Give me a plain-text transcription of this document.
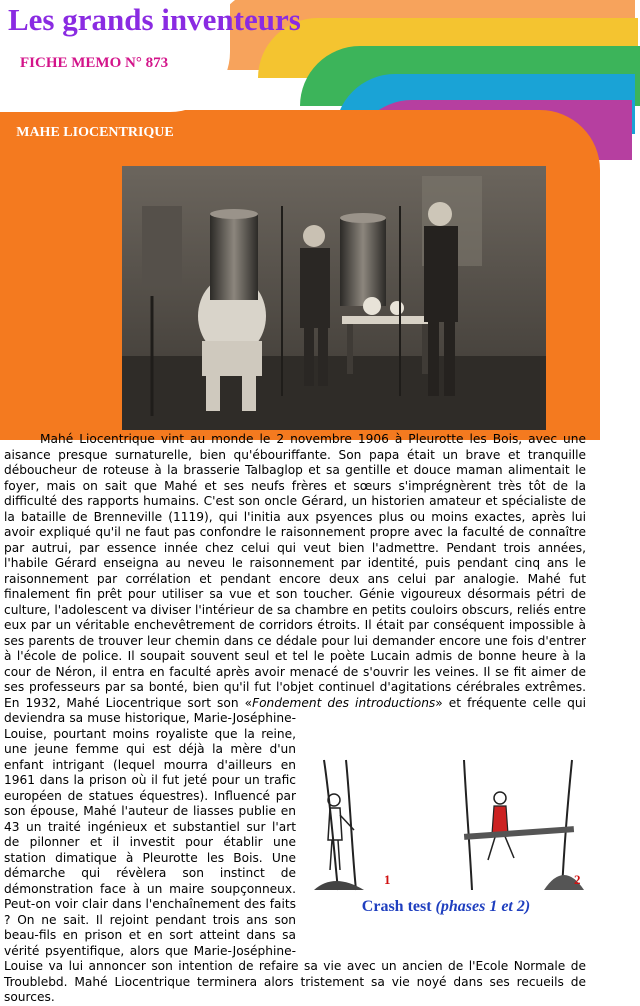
Les grands inventeurs
FICHE MEMO N° 873
MAHE LIOCENTRIQUE

Mahé Liocentrique vint au monde le 2 novembre 1906 à Pleurotte les Bois, avec une aisance presque surnaturelle, bien qu'ébouriffante. Son papa était un brave et tranquille déboucheur de roteuse à la brasserie Talbaglop et sa gentille et douce maman alimentait le foyer, mais on sait que Mahé et ses neufs frères et sœurs s'imprégnèrent très tôt de la difficulté des rapports humains. C'est son oncle Gérard, un historien amateur et spécialiste de la bataille de Brenneville (1119), qui l'initia aux psyences plus ou moins exactes, après lui avoir expliqué qu'il ne faut pas confondre le raisonnement propre avec la faculté de connaître par autrui, par essence innée chez celui qui veut bien l'admettre. Pendant trois années, l'habile Gérard enseigna au neveu le raisonnement par identité, puis pendant cinq ans le raisonnement par corrélation et pendant encore deux ans celui par analogie. Mahé fut finalement fin prêt pour utiliser sa vue et son toucher. Génie vigoureux désormais pétri de culture, l'adolescent va diviser l'intérieur de sa chambre en petits couloirs obscurs, reliés entre eux par un véritable enchevêtrement de corridors étroits. Il était par conséquent impossible à ses parents de trouver leur chemin dans ce dédale pour lui demander encore une fois d'entrer à l'école de police. Il soupait souvent seul et tel le poète Lucain admis de bonne heure à la cour de Néron, il entra en faculté après avoir menacé de s'ouvrir les veines. Il se fit aimer de ses professeurs par sa bonté, bien qu'il fut l'objet continuel d'agitations cérébrales extrêmes. En 1932, Mahé Liocentrique sort son «Fondement des introductions
» et fréquente celle qui deviendra sa muse historique, Marie-Joséphine-Louise, pourtant moins royaliste que la reine, une jeune femme qui est déjà la mère d'un enfant intrigant (lequel mourra d'ailleurs en 1961 dans la prison où il fut jeté pour un trafic européen de statues équestres). Influencé par son épouse, Mahé l'auteur de liasses publie en 43 un traité ingénieux et substantiel sur l'art de pilonner et il investit pour établir une station dimatique à Pleurotte les Bois. Une démarche qui révèlera son instinct de démonstration face à un maire soupçonneux. Peut-on voir clair dans l'enchaînement des faits ? On ne sait. Il rejoint pendant trois ans son beau-fils en prison et en sort atteint dans sa vérité psyentifique, alors que Marie-Joséphine-Louise va lui annoncer son intention de refaire sa vie avec un ancien de l'Ecole Normale de Troublebd. Mahé Liocentrique terminera alors tristement sa vie noyé dans ses recueils de sources.

1	2
Crash test (phases 1 et 2)
